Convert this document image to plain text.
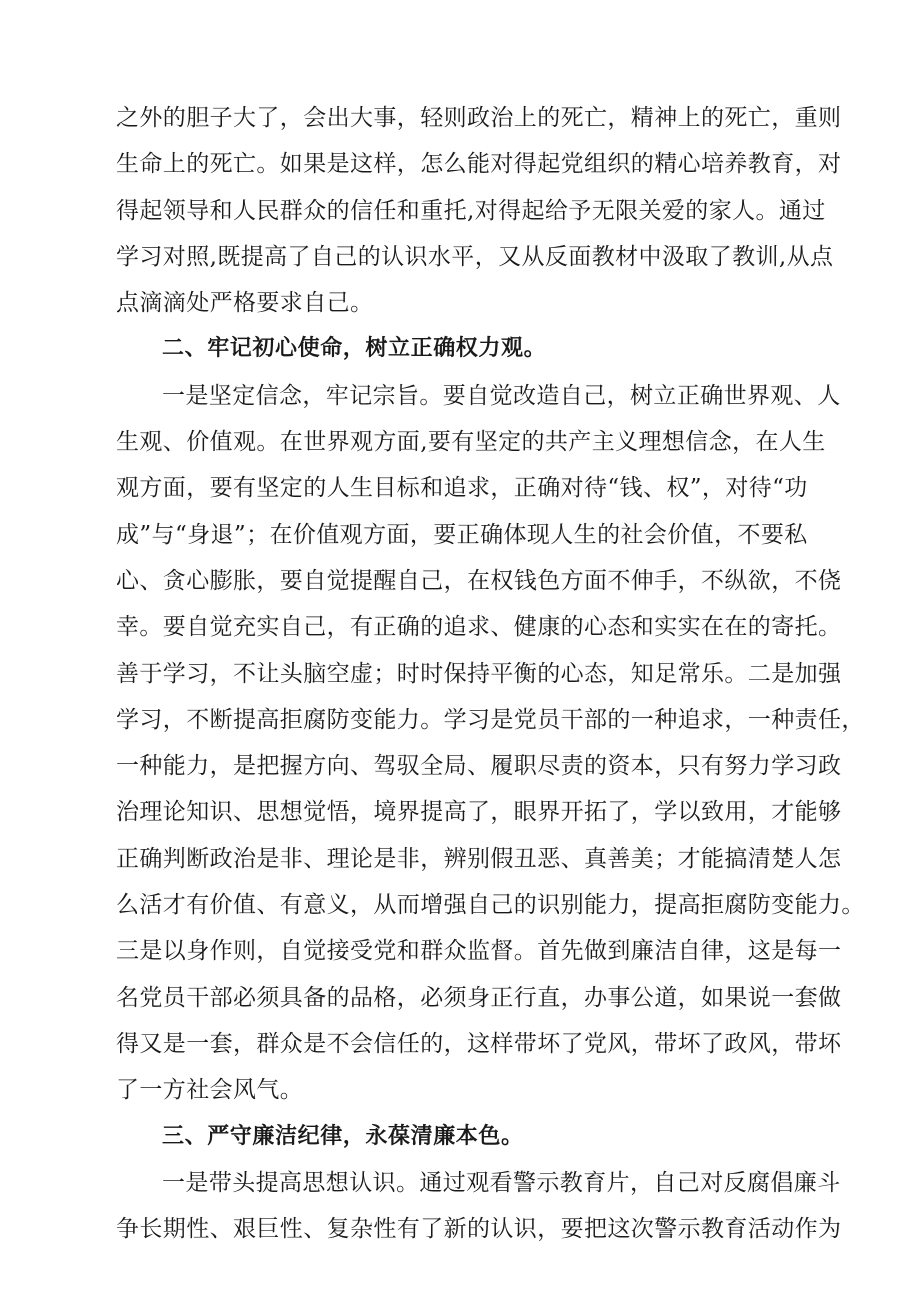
之外的胆子大了，会出大事，轻则政治上的死亡，精神上的死亡，重则
生命上的死亡。如果是这样，怎么能对得起党组织的精心培养教育，对
得起领导和人民群众的信任和重托,对得起给予无限关爱的家人。通过
学习对照,既提高了自己的认识水平，又从反面教材中汲取了教训,从点
点滴滴处严格要求自己。
二、牢记初心使命，树立正确权力观。
一是坚定信念，牢记宗旨。要自觉改造自己，树立正确世界观、人
生观、价值观。在世界观方面,要有坚定的共产主义理想信念，在人生
观方面，要有坚定的人生目标和追求，正确对待“钱、权”，对待“功
成”与“身退”；在价值观方面，要正确体现人生的社会价值，不要私
心、贪心膨胀，要自觉提醒自己，在权钱色方面不伸手，不纵欲，不侥
幸。要自觉充实自己，有正确的追求、健康的心态和实实在在的寄托。
善于学习，不让头脑空虚；时时保持平衡的心态，知足常乐。二是加强
学习，不断提高拒腐防变能力。学习是党员干部的一种追求，一种责任，
一种能力，是把握方向、驾驭全局、履职尽责的资本，只有努力学习政
治理论知识、思想觉悟，境界提高了，眼界开拓了，学以致用，才能够
正确判断政治是非、理论是非，辨别假丑恶、真善美；才能搞清楚人怎
么活才有价值、有意义，从而增强自己的识别能力，提高拒腐防变能力。
三是以身作则，自觉接受党和群众监督。首先做到廉洁自律，这是每一
名党员干部必须具备的品格，必须身正行直，办事公道，如果说一套做
得又是一套，群众是不会信任的，这样带坏了党风，带坏了政风，带坏
了一方社会风气。
三、严守廉洁纪律，永葆清廉本色。
一是带头提高思想认识。通过观看警示教育片，自己对反腐倡廉斗
争长期性、艰巨性、复杂性有了新的认识，要把这次警示教育活动作为
